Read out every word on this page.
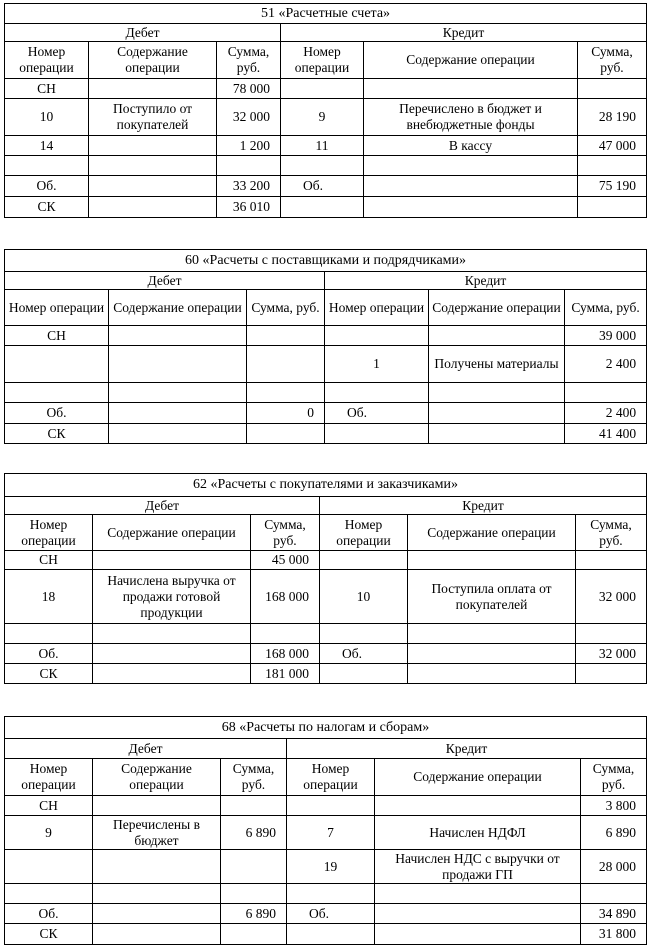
51 «Расчетные счета»					
Дебет			Кредит		
Номер операции	Содержание операции	Сумма, руб.	Номер операции	Содержание операции	Сумма, руб.
СН		78 000			
10	Поступило от покупателей	32 000	9	Перечислено в бюджет и внебюджетные фонды	28 190
14		1 200	11	В кассу	47 000

Об.		33 200	Об.		75 190
СК		36 010			
60 «Расчеты с поставщиками и подрядчиками»					
Дебет			Кредит		
Номер операции	Содержание операции	Сумма, руб.	Номер операции	Содержание операции	Сумма, руб.
СН					39 000
			1	Получены материалы	2 400

Об.		0	Об.		2 400
СК					41 400
62 «Расчеты с покупателями и заказчиками»					
Дебет			Кредит		
Номер операции	Содержание операции	Сумма, руб.	Номер операции	Содержание операции	Сумма, руб.
СН		45 000			
18	Начислена выручка от продажи готовой продукции	168 000	10	Поступила оплата от покупателей	32 000

Об.		168 000	Об.		32 000
СК		181 000			
68 «Расчеты по налогам и сборам»					
Дебет			Кредит		
Номер операции	Содержание операции	Сумма, руб.	Номер операции	Содержание операции	Сумма, руб.
СН					3 800
9	Перечислены в бюджет	6 890	7	Начислен НДФЛ	6 890
			19	Начислен НДС с выручки от продажи ГП	28 000

Об.		6 890	Об.		34 890
СК					31 800
